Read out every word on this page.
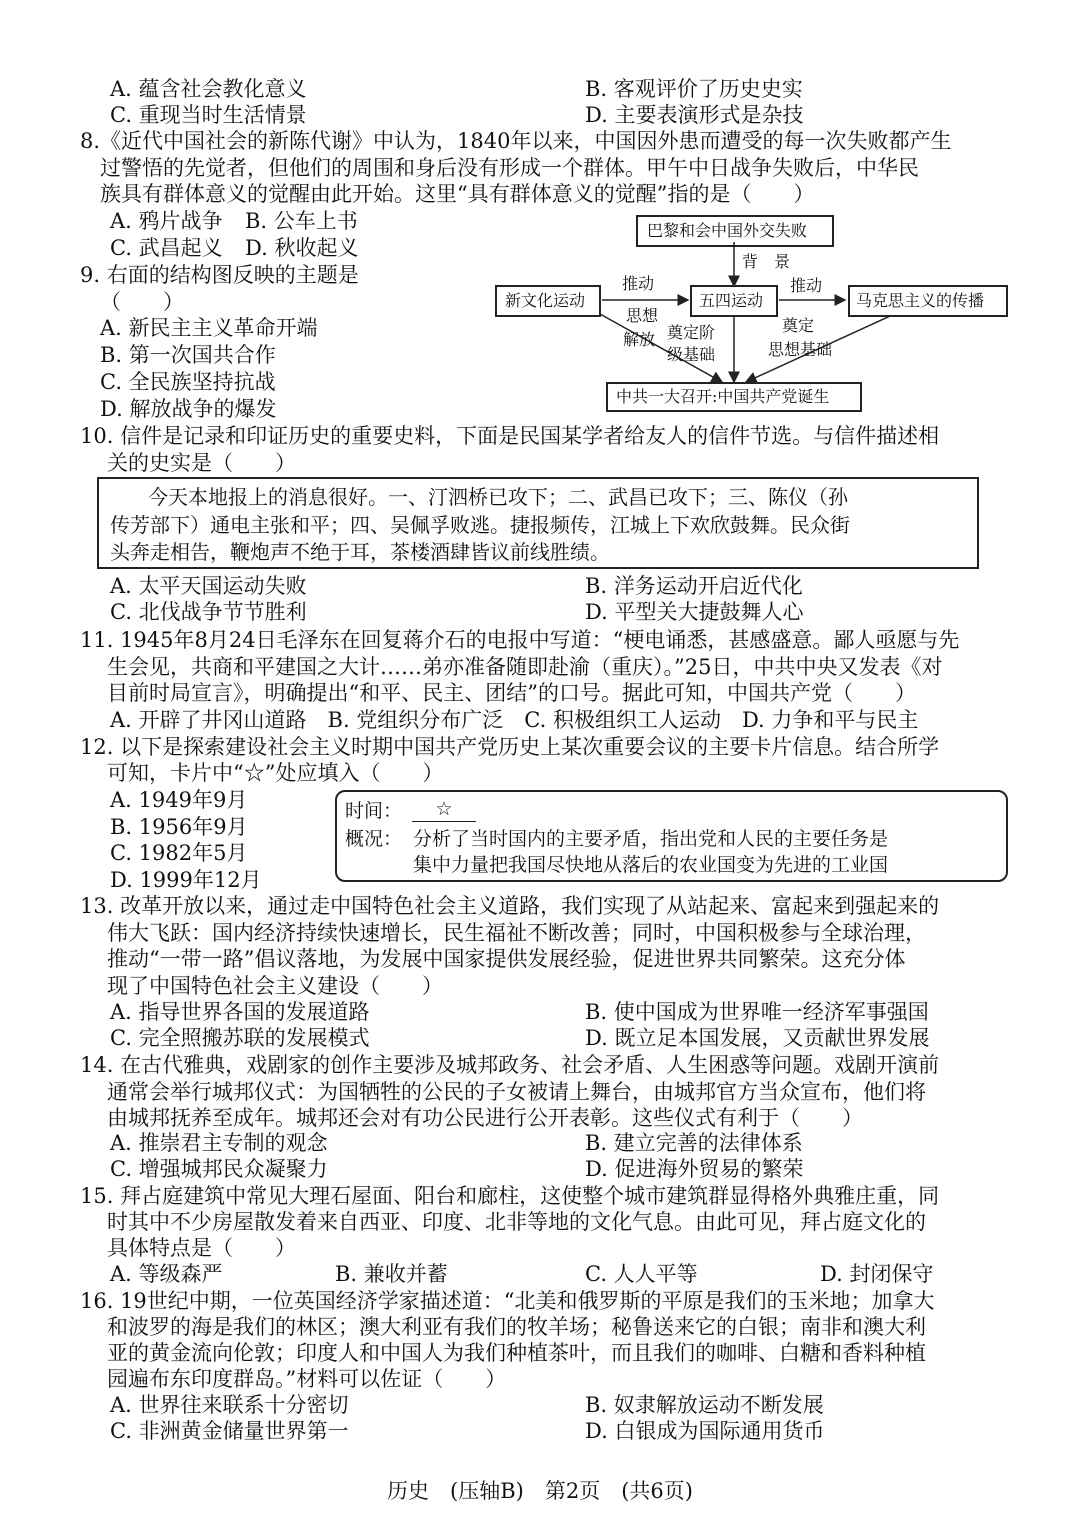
A. 蕴含社会教化意义	B. 客观评价了历史史实
C. 重现当时生活情景	D. 主要表演形式是杂技
8.《近代中国社会的新陈代谢》中认为，1840年以来，中国因外患而遭受的每一次失败都产生
过警悟的先觉者，但他们的周围和身后没有形成一个群体。甲午中日战争失败后，中华民
族具有群体意义的觉醒由此开始。这里“具有群体意义的觉醒”指的是（　　）
A. 鸦片战争 B. 公车上书
C. 武昌起义 D. 秋收起义
9. 右面的结构图反映的主题是
（　　）
A. 新民主主义革命开端
B. 第一次国共合作
C. 全民族坚持抗战
D. 解放战争的爆发
巴黎和会中国外交失败
背　景
新文化运动
推动
五四运动
推动
马克思主义的传播
思想
解放 奠定阶
级基础
奠定
思想基础
中共一大召开:中国共产党诞生
10. 信件是记录和印证历史的重要史料，下面是民国某学者给友人的信件节选。与信件描述相
关的史实是（　　）
今天本地报上的消息很好。一、汀泗桥已攻下；二、武昌已攻下；三、陈仪（孙
传芳部下）通电主张和平；四、吴佩孚败逃。捷报频传，江城上下欢欣鼓舞。民众街
头奔走相告，鞭炮声不绝于耳，茶楼酒肆皆议前线胜绩。
A. 太平天国运动失败	B. 洋务运动开启近代化
C. 北伐战争节节胜利	D. 平型关大捷鼓舞人心
11. 1945年8月24日毛泽东在回复蒋介石的电报中写道：“梗电诵悉，甚感盛意。鄙人亟愿与先
生会见，共商和平建国之大计……弟亦准备随即赴渝（重庆）。”25日，中共中央又发表《对
目前时局宣言》，明确提出“和平、民主、团结”的口号。据此可知，中国共产党（　　）
A. 开辟了井冈山道路　B. 党组织分布广泛　C. 积极组织工人运动　D. 力争和平与民主
12. 以下是探索建设社会主义时期中国共产党历史上某次重要会议的主要卡片信息。结合所学
可知，卡片中“☆”处应填入（　　）
A. 1949年9月
B. 1956年9月
C. 1982年5月
D. 1999年12月
时间：	☆
概况： 分析了当时国内的主要矛盾，指出党和人民的主要任务是
集中力量把我国尽快地从落后的农业国变为先进的工业国
13. 改革开放以来，通过走中国特色社会主义道路，我们实现了从站起来、富起来到强起来的
伟大飞跃：国内经济持续快速增长，民生福祉不断改善；同时，中国积极参与全球治理，
推动“一带一路”倡议落地，为发展中国家提供发展经验，促进世界共同繁荣。这充分体
现了中国特色社会主义建设（　　）
A. 指导世界各国的发展道路	B. 使中国成为世界唯一经济军事强国
C. 完全照搬苏联的发展模式	D. 既立足本国发展，又贡献世界发展
14. 在古代雅典，戏剧家的创作主要涉及城邦政务、社会矛盾、人生困惑等问题。戏剧开演前
通常会举行城邦仪式：为国牺牲的公民的子女被请上舞台，由城邦官方当众宣布，他们将
由城邦抚养至成年。城邦还会对有功公民进行公开表彰。这些仪式有利于（　　）
A. 推崇君主专制的观念	B. 建立完善的法律体系
C. 增强城邦民众凝聚力	D. 促进海外贸易的繁荣
15. 拜占庭建筑中常见大理石屋面、阳台和廊柱，这使整个城市建筑群显得格外典雅庄重，同
时其中不少房屋散发着来自西亚、印度、北非等地的文化气息。由此可见，拜占庭文化的
具体特点是（　　）
A. 等级森严	B. 兼收并蓄	C. 人人平等	D. 封闭保守
16. 19世纪中期，一位英国经济学家描述道：“北美和俄罗斯的平原是我们的玉米地；加拿大
和波罗的海是我们的林区；澳大利亚有我们的牧羊场；秘鲁送来它的白银；南非和澳大利
亚的黄金流向伦敦；印度人和中国人为我们种植茶叶，而且我们的咖啡、白糖和香料种植
园遍布东印度群岛。”材料可以佐证（　　）
A. 世界往来联系十分密切	B. 奴隶解放运动不断发展
C. 非洲黄金储量世界第一	D. 白银成为国际通用货币
历史　(压轴B)　第2页　(共6页)
